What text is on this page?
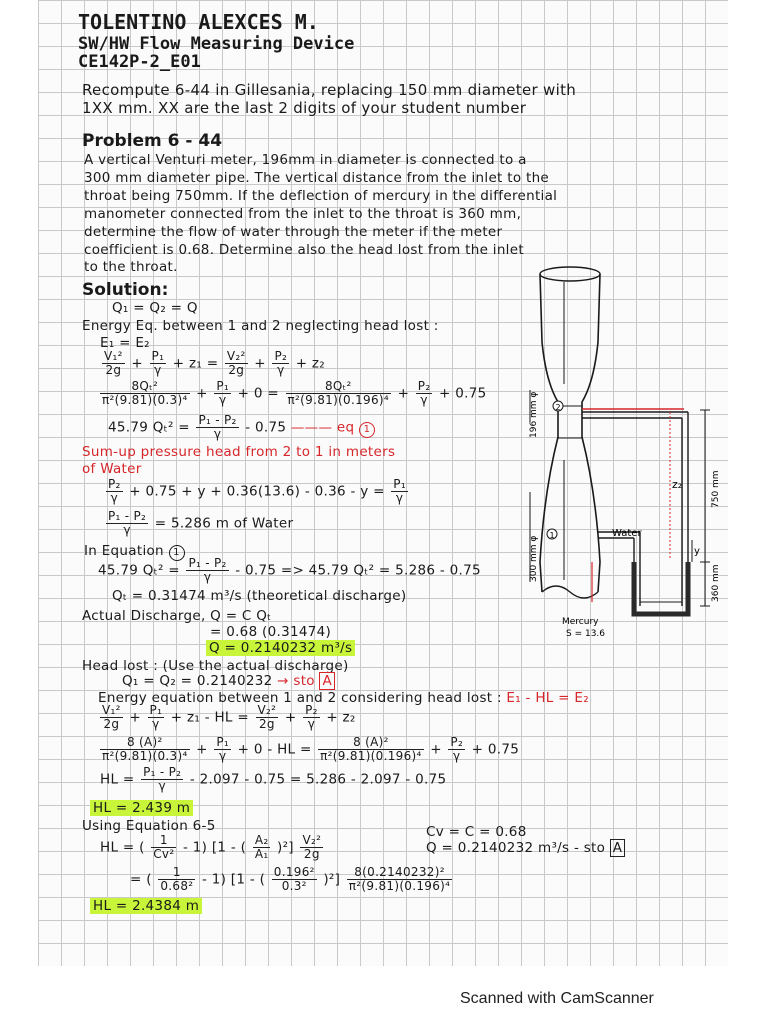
TOLENTINO ALEXCES M.
SW/HW Flow Measuring Device
CE142P-2_E01
Recompute 6-44 in Gillesania, replacing 150 mm diameter with
1XX mm. XX are the last 2 digits of your student number
Problem 6 - 44
A vertical Venturi meter, 196mm in diameter is connected to a
300 mm diameter pipe. The vertical distance from the inlet to the
throat being 750mm. If the deflection of mercury in the differential
manometer connected from the inlet to the throat is 360 mm,
determine the flow of water through the meter if the meter
coefficient is 0.68. Determine also the head lost from the inlet
to the throat.
Solution:
Q₁ = Q₂ = Q
Energy Eq. between 1 and 2 neglecting head lost :
E₁ = E₂
$\frac{\text{V₁²}}{2g} + \frac{\text{P₁}}{\gamma} + z_1 = \frac{\text{V₂²}}{2g} + \frac{\text{P₂}}{\gamma} + z_2$
$\frac{\text{8Qₜ²}}{\text{π²(9.81)(0.3)⁴}} + \frac{\text{P₁}}{\gamma} + 0 = \frac{\text{8Qₜ²}}{\text{π²(9.81)(0.196)⁴}} + \frac{\text{P₂}}{\gamma} + 0.75$
45.79 $Q_t^2 = \frac{\text{P₁ - P₂}}{\gamma} - 0.75$ ——— eq 1
Sum-up pressure head from 2 to 1 in meters
of Water
$\frac{\text{P₂}}{\gamma} + 0.75 + y + 0.36(13.6) - 0.36 - y = \frac{\text{P₁}}{\gamma}$
$\frac{\text{P₁ - P₂}}{\gamma} = 5.286$ m of Water
In Equation 1
45.79 $Q_t^2 = \frac{\text{P₁ - P₂}}{\gamma} - 0.75 => 45.79$ Qₜ² = 5.286 - 0.75
Qₜ = 0.31474 m³/s (theoretical discharge)
Actual Discharge, Q = C Qₜ
= 0.68 (0.31474)
Q = 0.2140232 m³/s
Head lost : (Use the actual discharge)
Q₁ = Q₂ = 0.2140232 → sto A
Energy equation between 1 and 2 considering head lost : E₁ - HL = E₂
$\frac{\text{V₁²}}{2g} + \frac{\text{P₁}}{\gamma} + z_1$ - HL = $\frac{\text{V₂²}}{2g} + \frac{\text{P₂}}{\gamma} + z_2$
$\frac{\text{8 (A)²}}{\text{π²(9.81)(0.3)⁴}} + \frac{\text{P₁}}{\gamma} + 0$ - HL = $\frac{\text{8 (A)²}}{\text{π²(9.81)(0.196)⁴}} + \frac{\text{P₂}}{\gamma} + 0.75$
HL = $\frac{\text{P₁ - P₂}}{\gamma} - 2.097 - 0.75 = 5.286 - 2.097 - 0.75$
HL = 2.439 m
Using Equation 6-5
HL = ( $\frac{1}{\text{Cv²}} - 1$) [1 - ( $\frac{\text{A₂}}{\text{A₁}} )^2] \frac{\text{V₂²}}{2g}$
Cv = C = 0.68
Q = 0.2140232 m³/s - sto A
= ( $\frac{1}{\text{0.68²}} - 1$) [1 - ( $\frac{\text{0.196²}}{\text{0.3²}} )^2] \frac{\text{8(0.2140232)²}}{\text{π²(9.81)(0.196)⁴}}$
HL = 2.4384 m
2
1
196 mm φ
300 mm φ
z₂	750 mm
360 mm
y
Water
Mercury
S = 13.6
Scanned with CamScanner
